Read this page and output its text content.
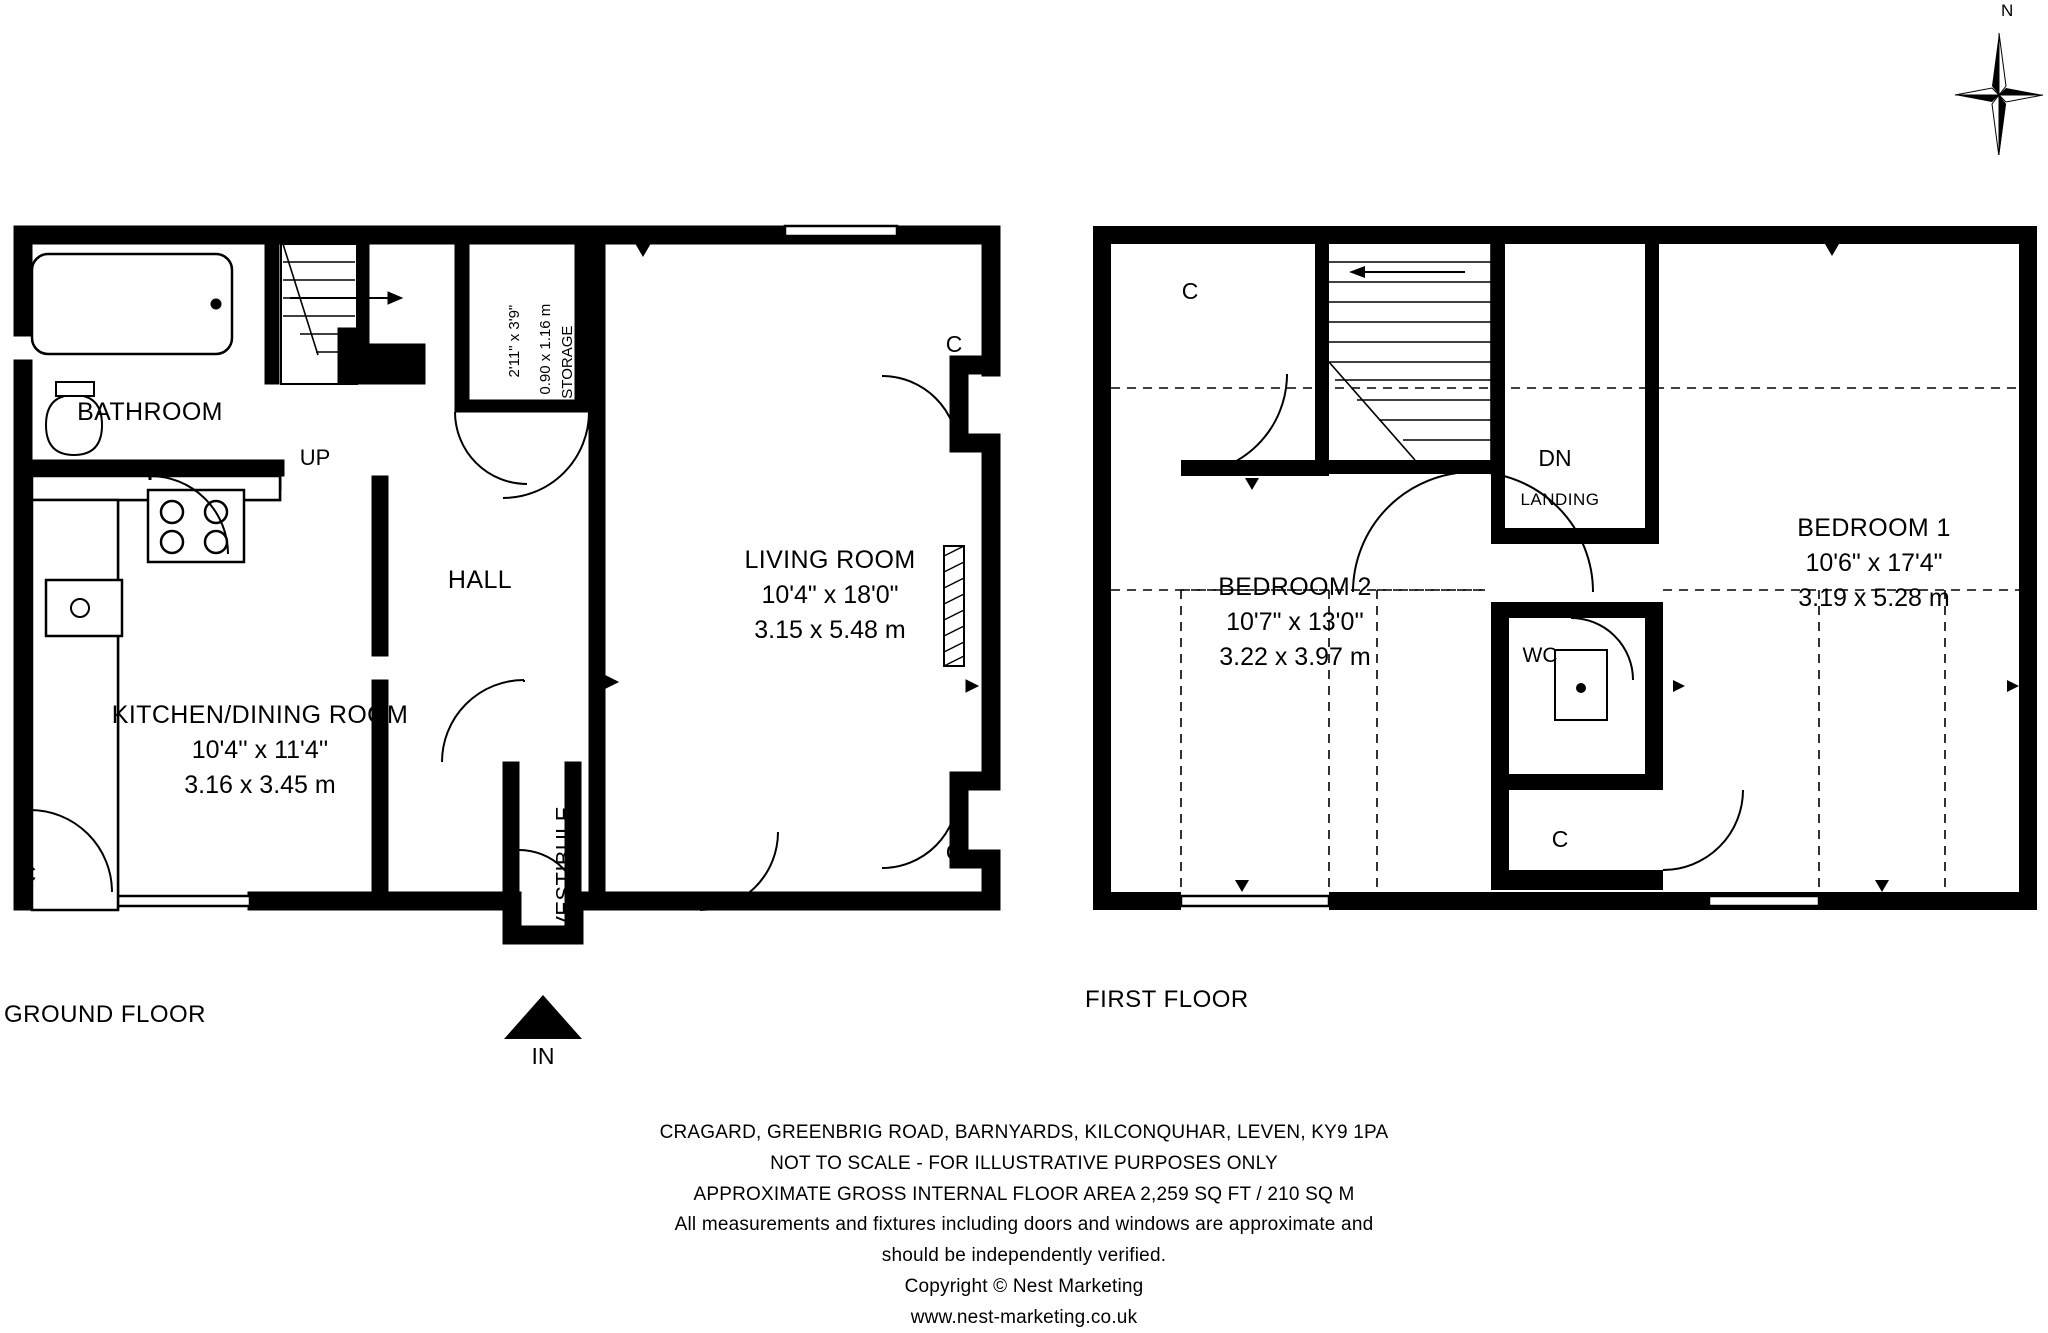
N
BATHROOM
KITCHEN/DINING ROOM
10'4'' x 11'4''
3.16 x 3.45 m
HALL
LIVING ROOM
10'4" x 18'0"
3.15 x 5.48 m
VESTIBULE
STORAGE
2'11" x 3'9" 0.90 x 1.16 m
UP
C
C
C
GROUND FLOOR
IN
C
C
DN
LANDING
WC
BEDROOM 2
10'7" x 13'0''
3.22 x 3.97 m
BEDROOM 1
10'6" x 17'4"
3.19 x 5.28 m
FIRST FLOOR
CRAGARD, GREENBRIG ROAD, BARNYARDS, KILCONQUHAR, LEVEN, KY9 1PA
NOT TO SCALE - FOR ILLUSTRATIVE PURPOSES ONLY
APPROXIMATE GROSS INTERNAL FLOOR AREA 2,259 SQ FT / 210 SQ M
All measurements and fixtures including doors and windows are approximate and
should be independently verified.
Copyright © Nest Marketing
www.nest-marketing.co.uk
